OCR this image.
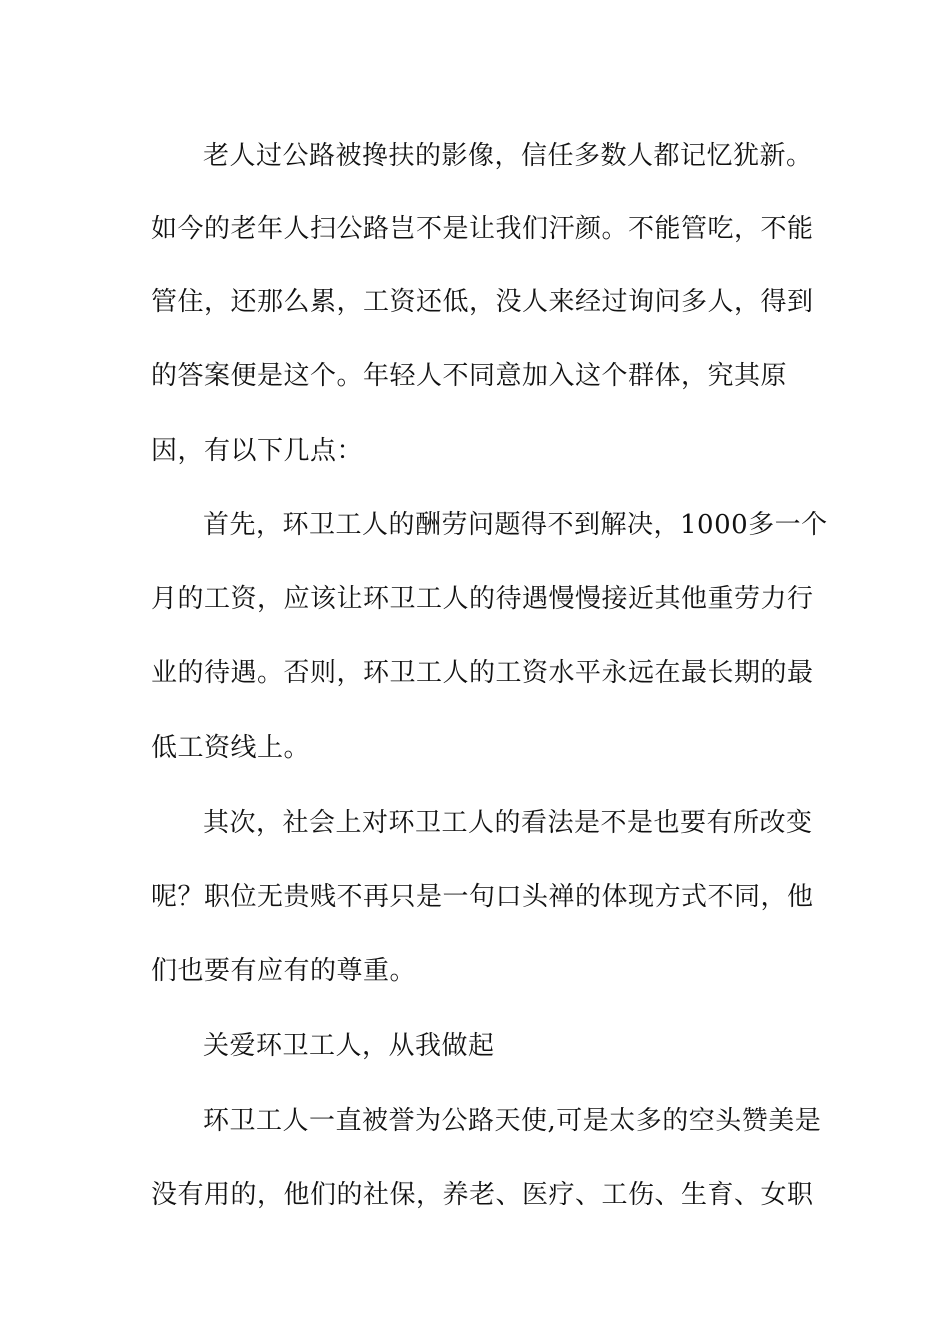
老人过公路被搀扶的影像，信任多数人都记忆犹新。
如今的老年人扫公路岂不是让我们汗颜。不能管吃，不能
管住，还那么累，工资还低，没人来经过询问多人，得到
的答案便是这个。年轻人不同意加入这个群体，究其原
因，有以下几点：
首先，环卫工人的酬劳问题得不到解决，1000多一个
月的工资，应该让环卫工人的待遇慢慢接近其他重劳力行
业的待遇。否则，环卫工人的工资水平永远在最长期的最
低工资线上。
其次，社会上对环卫工人的看法是不是也要有所改变
呢？职位无贵贱不再只是一句口头禅的体现方式不同，他
们也要有应有的尊重。
关爱环卫工人，从我做起
环卫工人一直被誉为公路天使,可是太多的空头赞美是
没有用的，他们的社保，养老、医疗、工伤、生育、女职
